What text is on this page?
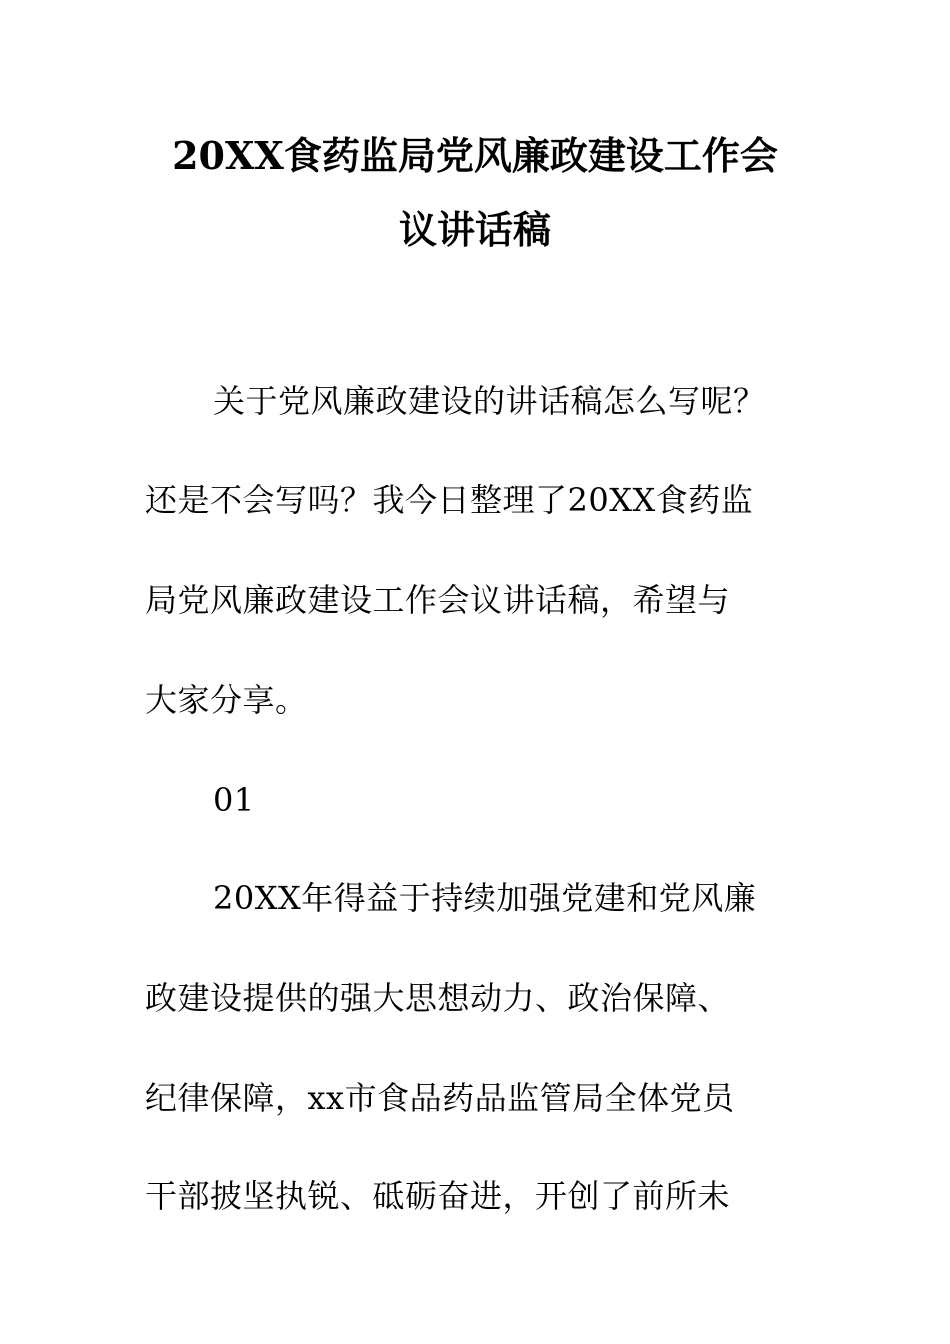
20XX食药监局党风廉政建设工作会
议讲话稿
关于党风廉政建设的讲话稿怎么写呢？
还是不会写吗？我今日整理了20XX食药监
局党风廉政建设工作会议讲话稿，希望与
大家分享。
01
20XX年得益于持续加强党建和党风廉
政建设提供的强大思想动力、政治保障、
纪律保障，xx市食品药品监管局全体党员
干部披坚执锐、砥砺奋进，开创了前所未
